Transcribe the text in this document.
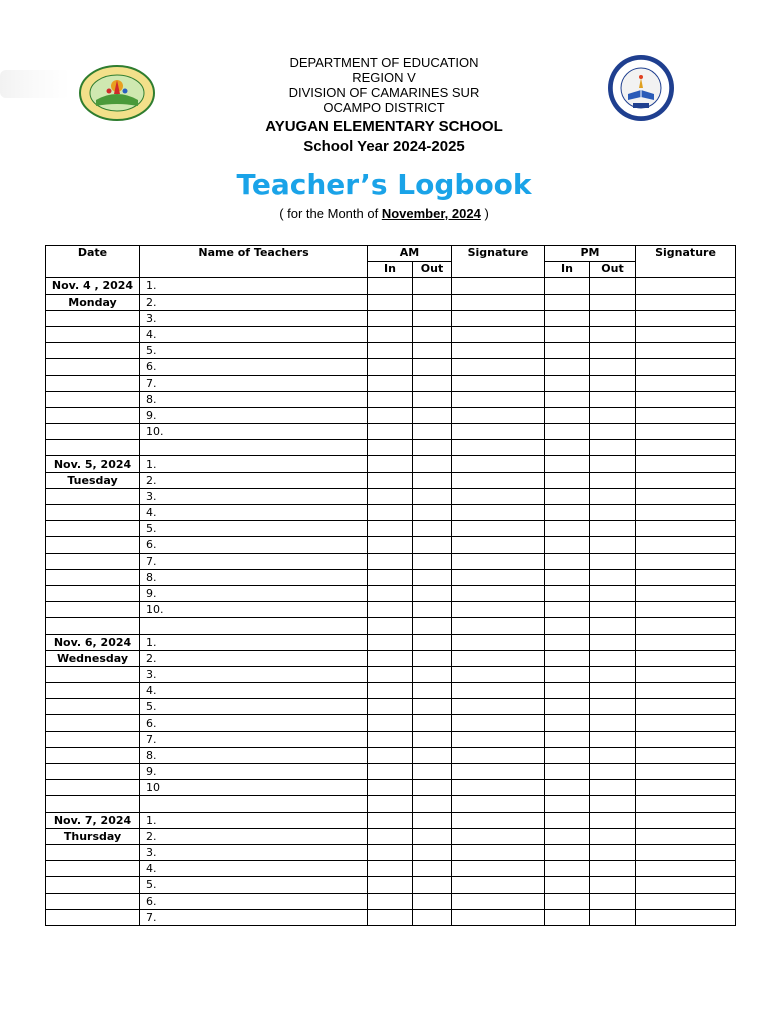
DEPARTMENT OF EDUCATION
REGION V
DIVISION OF CAMARINES SUR
OCAMPO DISTRICT
AYUGAN ELEMENTARY SCHOOL
School Year 2024-2025
Teacher’s Logbook
( for the Month of November, 2024 )
Date	Name of Teachers	AM		Signature	PM		Signature
		In	Out		In	Out	
Nov. 4 , 2024	1.						
Monday	2.						
	3.						
	4.						
	5.						
	6.						
	7.						
	8.						
	9.						
	10.						

Nov. 5, 2024	1.						
Tuesday	2.						
	3.						
	4.						
	5.						
	6.						
	7.						
	8.						
	9.						
	10.						

Nov. 6, 2024	1.						
Wednesday	2.						
	3.						
	4.						
	5.						
	6.						
	7.						
	8.						
	9.						
	10						

Nov. 7, 2024	1.						
Thursday	2.						
	3.						
	4.						
	5.						
	6.						
	7.						
